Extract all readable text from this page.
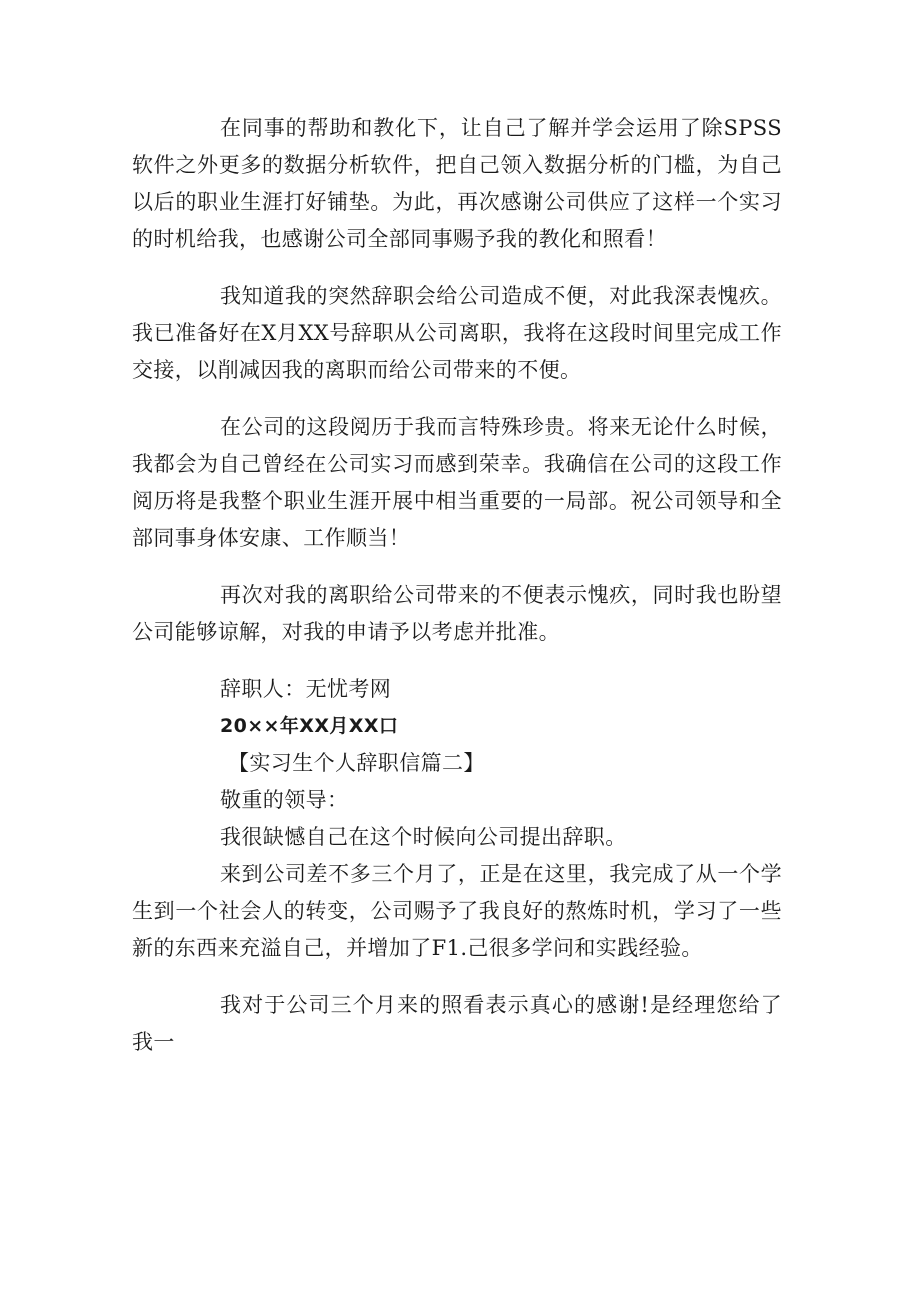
在同事的帮助和教化下，让自己了解并学会运用了除SPSS软件之外更多的数据分析软件，把自己领入数据分析的门槛，为自己以后的职业生涯打好铺垫。为此，再次感谢公司供应了这样一个实习的时机给我，也感谢公司全部同事赐予我的教化和照看！

我知道我的突然辞职会给公司造成不便，对此我深表愧疚。我已准备好在X月XX号辞职从公司离职，我将在这段时间里完成工作交接，以削减因我的离职而给公司带来的不便。

在公司的这段阅历于我而言特殊珍贵。将来无论什么时候，我都会为自己曾经在公司实习而感到荣幸。我确信在公司的这段工作阅历将是我整个职业生涯开展中相当重要的一局部。祝公司领导和全部同事身体安康、工作顺当！

再次对我的离职给公司带来的不便表示愧疚，同时我也盼望公司能够谅解，对我的申请予以考虑并批准。

辞职人：无忧考网

20××年XX月XX口

【实习生个人辞职信篇二】

敬重的领导：

我很缺憾自己在这个时候向公司提出辞职。

来到公司差不多三个月了，正是在这里，我完成了从一个学生到一个社会人的转变，公司赐予了我良好的熬炼时机，学习了一些新的东西来充溢自己，并增加了F1.己很多学问和实践经验。

我对于公司三个月来的照看表示真心的感谢!是经理您给了我一
